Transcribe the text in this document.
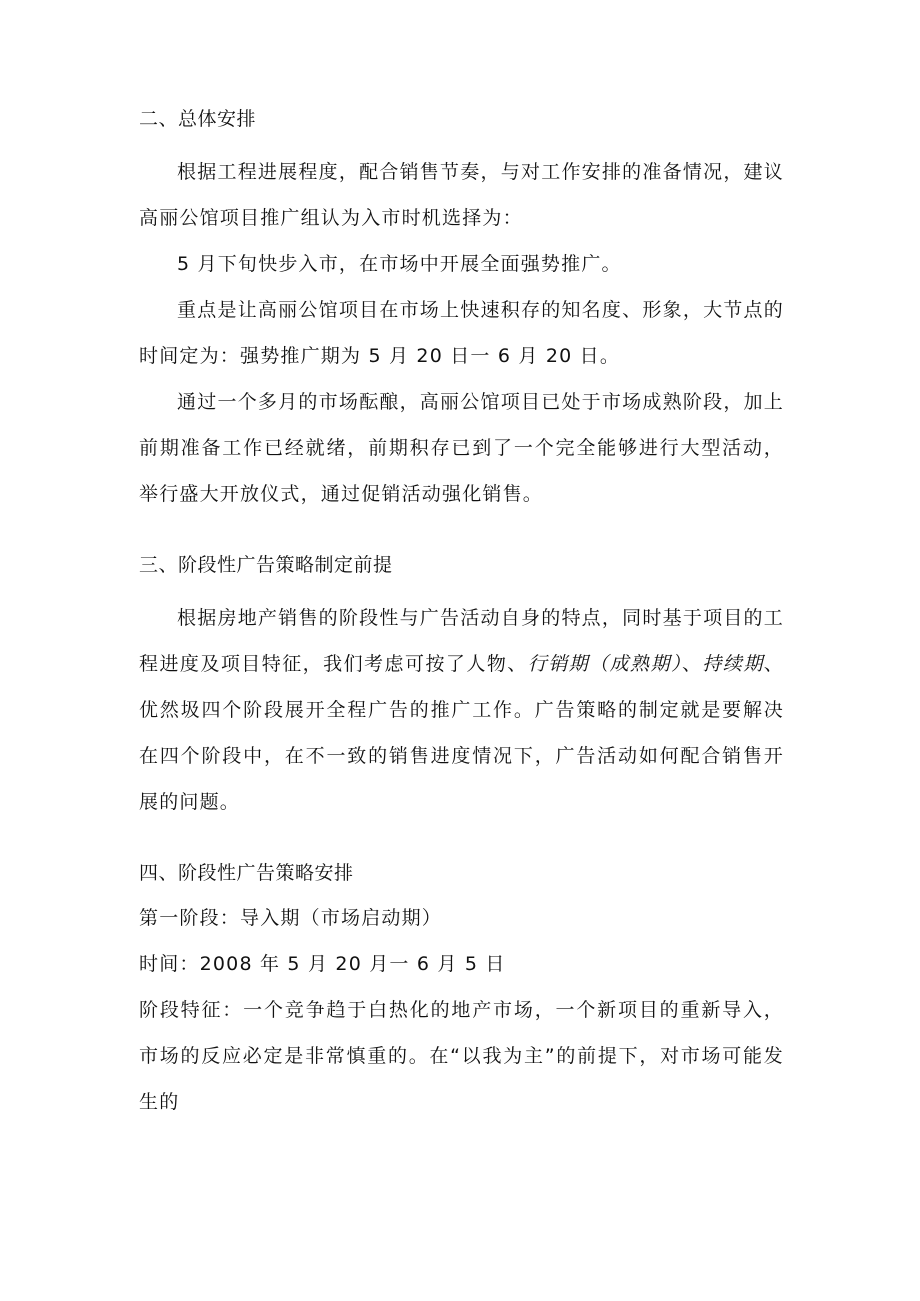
二、总体安排

根据工程进展程度，配合销售节奏，与对工作安排的准备情况，建议高丽公馆项目推广组认为入市时机选择为：

5 月下旬快步入市，在市场中开展全面强势推广。

重点是让高丽公馆项目在市场上快速积存的知名度、形象，大节点的时间定为：强势推广期为 5 月 20 日一 6 月 20 日。

通过一个多月的市场酝酿，高丽公馆项目已处于市场成熟阶段，加上前期准备工作已经就绪，前期积存已到了一个完全能够进行大型活动，举行盛大开放仪式，通过促销活动强化销售。

三、阶段性广告策略制定前提

根据房地产销售的阶段性与广告活动自身的特点，同时基于项目的工程进度及项目特征，我们考虑可按了人物、行销期（成熟期）、持续期、优然圾四个阶段展开全程广告的推广工作。广告策略的制定就是要解决在四个阶段中，在不一致的销售进度情况下，广告活动如何配合销售开展的问题。

四、阶段性广告策略安排

第一阶段：导入期（市场启动期）

时间：2008 年 5 月 20 月一 6 月 5 日

阶段特征：一个竞争趋于白热化的地产市场，一个新项目的重新导入，市场的反应必定是非常慎重的。在“以我为主”的前提下，对市场可能发生的
